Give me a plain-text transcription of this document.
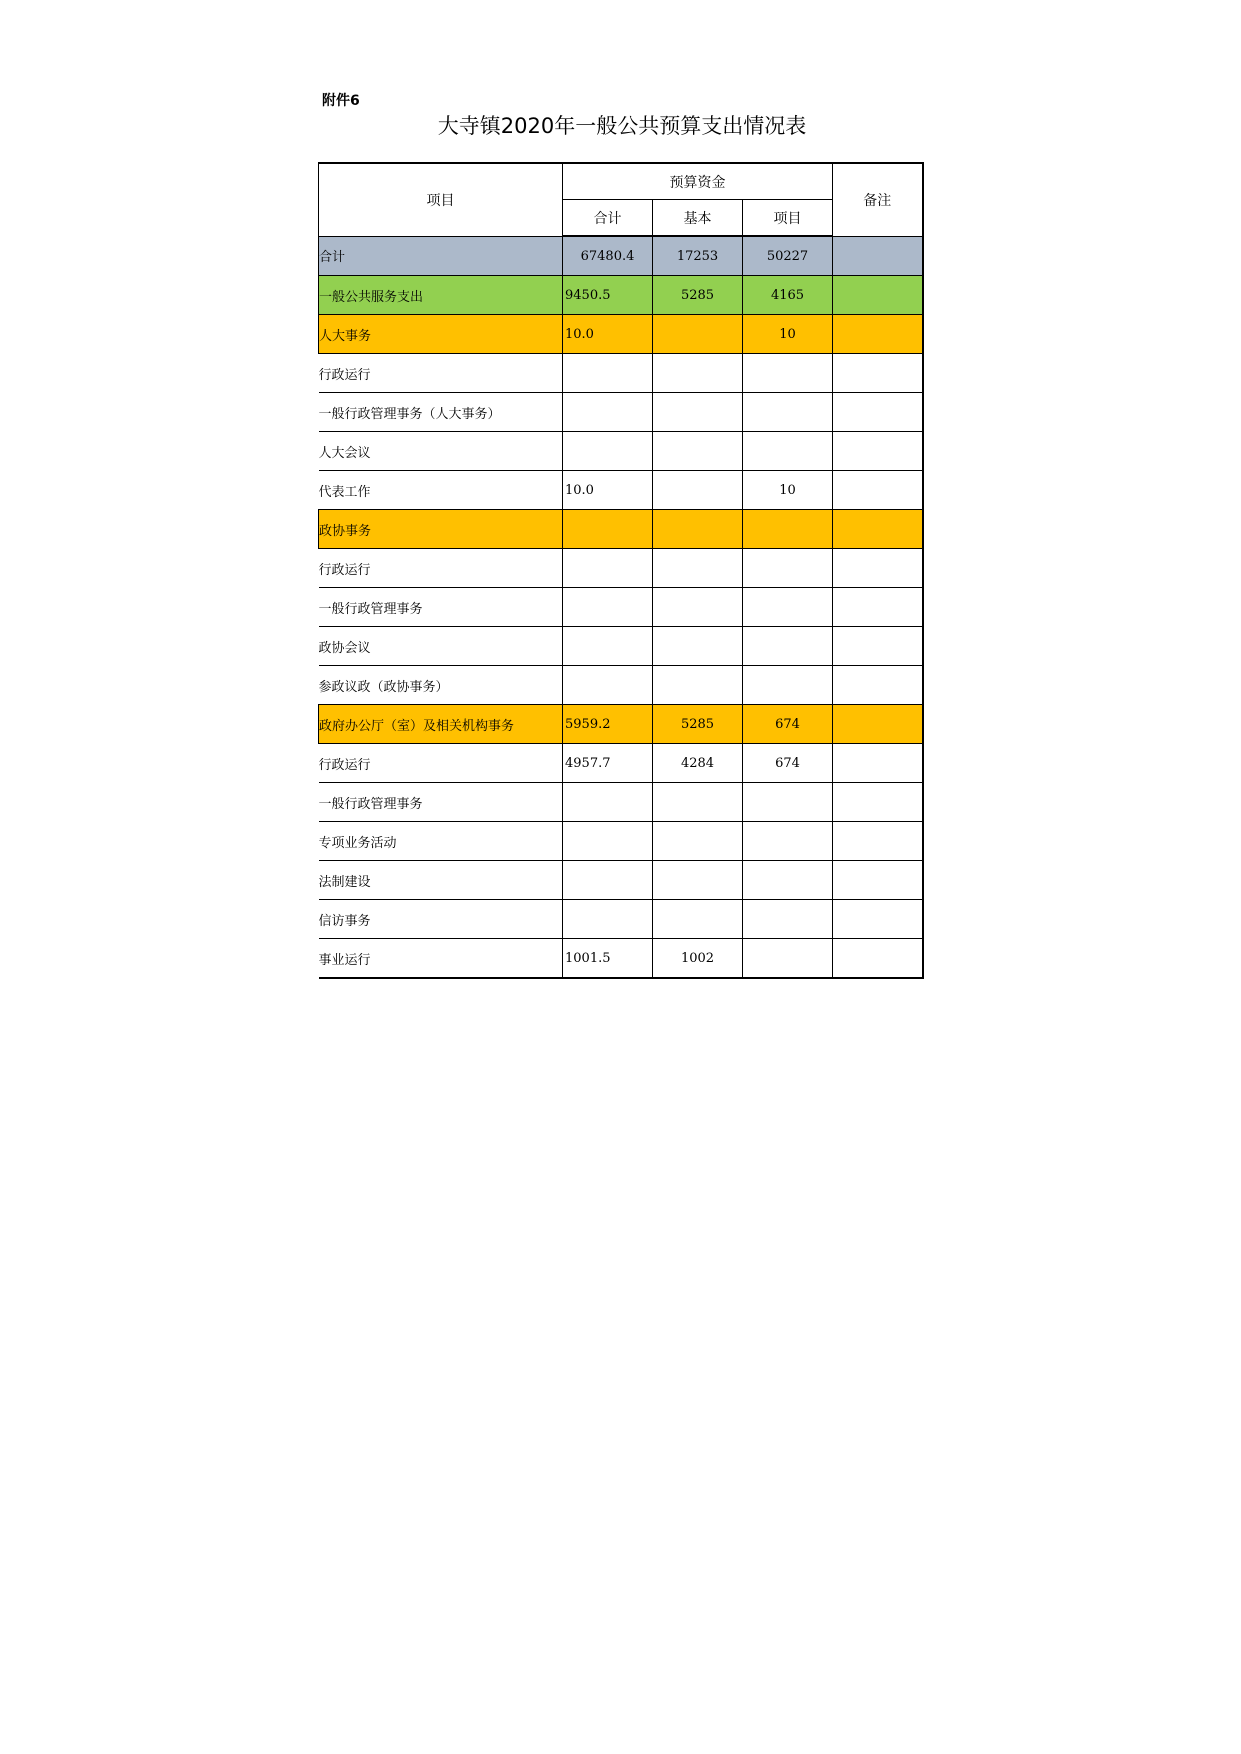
附件6
大寺镇2020年一般公共预算支出情况表
项目	预算资金			备注
	合计	基本	项目	
合计	67480.4	17253	50227	
一般公共服务支出	9450.5	5285	4165	
人大事务	10.0		10	
行政运行				
一般行政管理事务（人大事务）				
人大会议				
代表工作	10.0		10	
政协事务				
行政运行				
一般行政管理事务				
政协会议				
参政议政（政协事务）				
政府办公厅（室）及相关机构事务	5959.2	5285	674	
行政运行	4957.7	4284	674	
一般行政管理事务				
专项业务活动				
法制建设				
信访事务				
事业运行	1001.5	1002		
